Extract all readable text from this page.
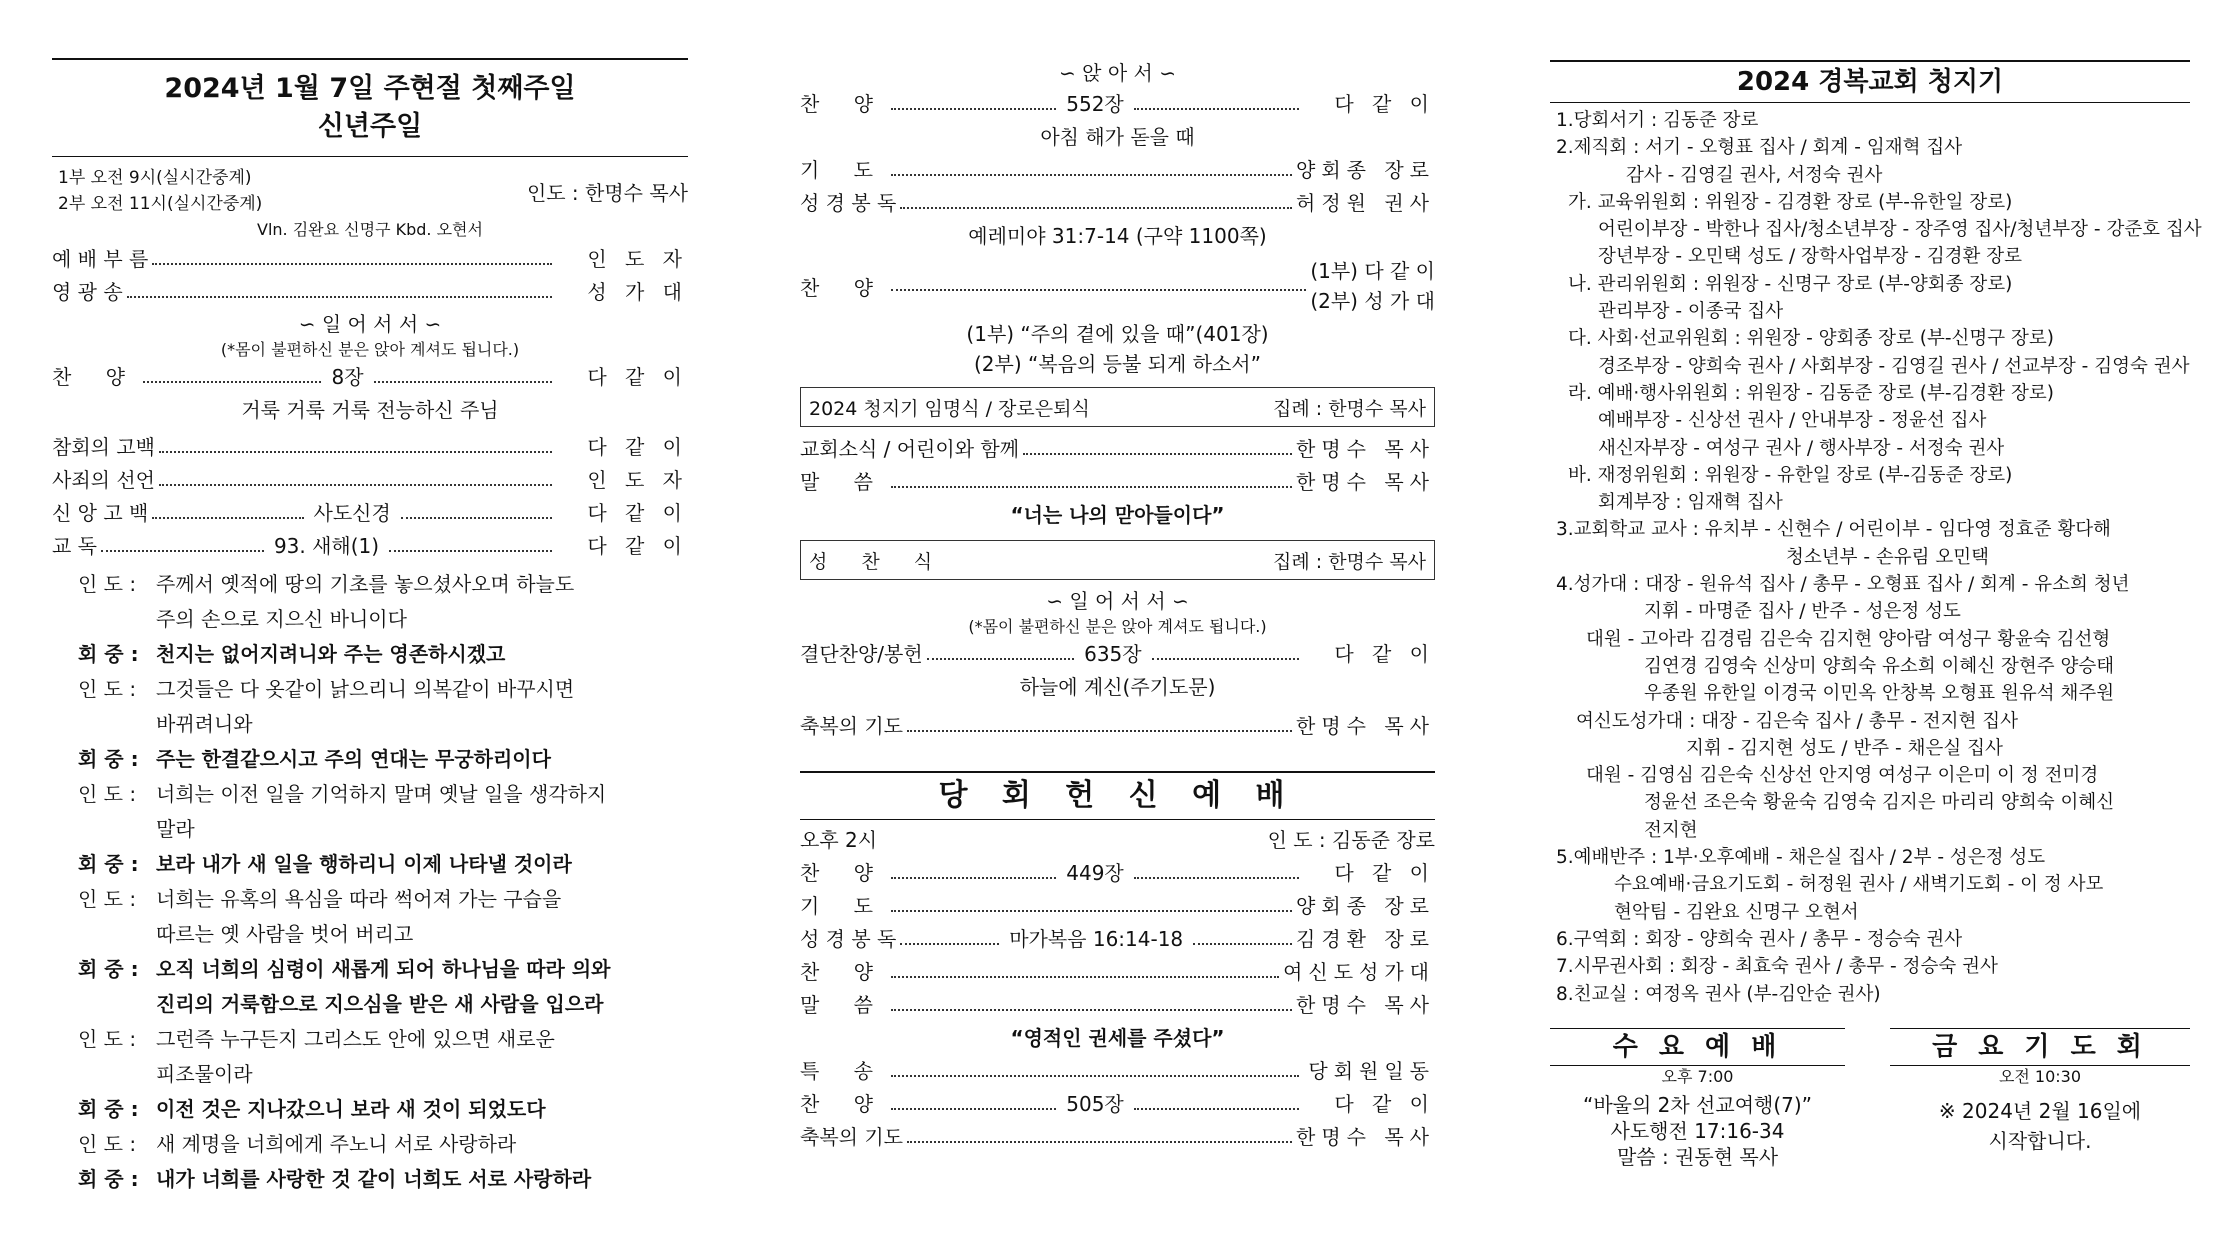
2024년 1월 7일 주현절 첫째주일
신년주일
1부 오전 9시(실시간중계)
2부 오전 11시(실시간중계)	인도 : 한명수 목사
Vln. 김완요 신명구 Kbd. 오현서
예 배 부 름	인 도 자
영 광 송	성 가 대
∽ 일 어 서 서 ∽
(*몸이 불편하신 분은 앉아 계셔도 됩니다.)
찬 양	8장	다 같 이
거룩 거룩 거룩 전능하신 주님
참회의 고백	다 같 이
사죄의 선언	인 도 자
신 앙 고 백	사도신경	다 같 이
교 독	93. 새해(1)	다 같 이
인 도 : 주께서 옛적에 땅의 기초를 놓으셨사오며 하늘도
주의 손으로 지으신 바니이다
회 중 : 천지는 없어지려니와 주는 영존하시겠고
인 도 : 그것들은 다 옷같이 낡으리니 의복같이 바꾸시면
바뀌려니와
회 중 : 주는 한결같으시고 주의 연대는 무궁하리이다
인 도 : 너희는 이전 일을 기억하지 말며 옛날 일을 생각하지
말라
회 중 : 보라 내가 새 일을 행하리니 이제 나타낼 것이라
인 도 : 너희는 유혹의 욕심을 따라 썩어져 가는 구습을
따르는 옛 사람을 벗어 버리고
회 중 : 오직 너희의 심령이 새롭게 되어 하나님을 따라 의와
진리의 거룩함으로 지으심을 받은 새 사람을 입으라
인 도 : 그런즉 누구든지 그리스도 안에 있으면 새로운
피조물이라
회 중 : 이전 것은 지나갔으니 보라 새 것이 되었도다
인 도 : 새 계명을 너희에게 주노니 서로 사랑하라
회 중 : 내가 너희를 사랑한 것 같이 너희도 서로 사랑하라
∽ 앉 아 서 ∽
찬 양	552장	다 같 이
아침 해가 돋을 때
기 도	양회종 장로
성 경 봉 독	허정원 권사
예레미야 31:7-14 (구약 1100쪽)
찬 양
(1부) 다 같 이
(2부) 성 가 대
(1부) “주의 곁에 있을 때”(401장)
(2부) “복음의 등불 되게 하소서”
2024 청지기 임명식 / 장로은퇴식	집례 : 한명수 목사
교회소식 / 어린이와 함께	한명수 목사
말 씀	한명수 목사
“너는 나의 맏아들이다”
성 찬 식	집례 : 한명수 목사
∽ 일 어 서 서 ∽
(*몸이 불편하신 분은 앉아 계셔도 됩니다.)
결단찬양/봉헌	635장	다 같 이
하늘에 계신(주기도문)
축복의 기도	한명수 목사
당 회 헌 신 예 배
오후 2시	인 도 : 김동준 장로
찬 양	449장	다 같 이
기 도	양회종 장로
성 경 봉 독	마가복음 16:14-18	김경환 장로
찬 양	여신도성가대
말 씀	한명수 목사
“영적인 권세를 주셨다”
특 송	당회원일동
찬 양	505장	다 같 이
축복의 기도	한명수 목사
2024 경복교회 청지기
1.당회서기 : 김동준 장로
2.제직회 : 서기 - 오형표 집사 / 회계 - 임재혁 집사
감사 - 김영길 권사, 서정숙 권사
가. 교육위원회 : 위원장 - 김경환 장로 (부-유한일 장로)
어린이부장 - 박한나 집사/청소년부장 - 장주영 집사/청년부장 - 강준호 집사
장년부장 - 오민택 성도 / 장학사업부장 - 김경환 장로
나. 관리위원회 : 위원장 - 신명구 장로 (부-양회종 장로)
관리부장 - 이종국 집사
다. 사회·선교위원회 : 위원장 - 양회종 장로 (부-신명구 장로)
경조부장 - 양희숙 권사 / 사회부장 - 김영길 권사 / 선교부장 - 김영숙 권사
라. 예배·행사위원회 : 위원장 - 김동준 장로 (부-김경환 장로)
예배부장 - 신상선 권사 / 안내부장 - 정윤선 집사
새신자부장 - 여성구 권사 / 행사부장 - 서정숙 권사
바. 재정위원회 : 위원장 - 유한일 장로 (부-김동준 장로)
회계부장 : 임재혁 집사
3.교회학교 교사 : 유치부 - 신현수 / 어린이부 - 임다영 정효준 황다해
청소년부 - 손유림 오민택
4.성가대 : 대장 - 원유석 집사 / 총무 - 오형표 집사 / 회계 - 유소희 청년
지휘 - 마명준 집사 / 반주 - 성은정 성도
대원 - 고아라 김경림 김은숙 김지현 양아람 여성구 황윤숙 김선형
김연경 김영숙 신상미 양희숙 유소희 이혜신 장현주 양승태
우종원 유한일 이경국 이민옥 안창복 오형표 원유석 채주원
여신도성가대 : 대장 - 김은숙 집사 / 총무 - 전지현 집사
지휘 - 김지현 성도 / 반주 - 채은실 집사
대원 - 김영심 김은숙 신상선 안지영 여성구 이은미 이 정 전미경
정윤선 조은숙 황윤숙 김영숙 김지은 마리리 양희숙 이혜신
전지현
5.예배반주 : 1부·오후예배 - 채은실 집사 / 2부 - 성은정 성도
수요예배·금요기도회 - 허정원 권사 / 새벽기도회 - 이 정 사모
현악팀 - 김완요 신명구 오현서
6.구역회 : 회장 - 양희숙 권사 / 총무 - 정승숙 권사
7.시무권사회 : 회장 - 최효숙 권사 / 총무 - 정승숙 권사
8.친교실 : 여정옥 권사 (부-김안순 권사)
수 요 예 배
오후 7:00
“바울의 2차 선교여행(7)”
사도행전 17:16-34
말씀 : 권동현 목사
금 요 기 도 회
오전 10:30
※ 2024년 2월 16일에
시작합니다.
